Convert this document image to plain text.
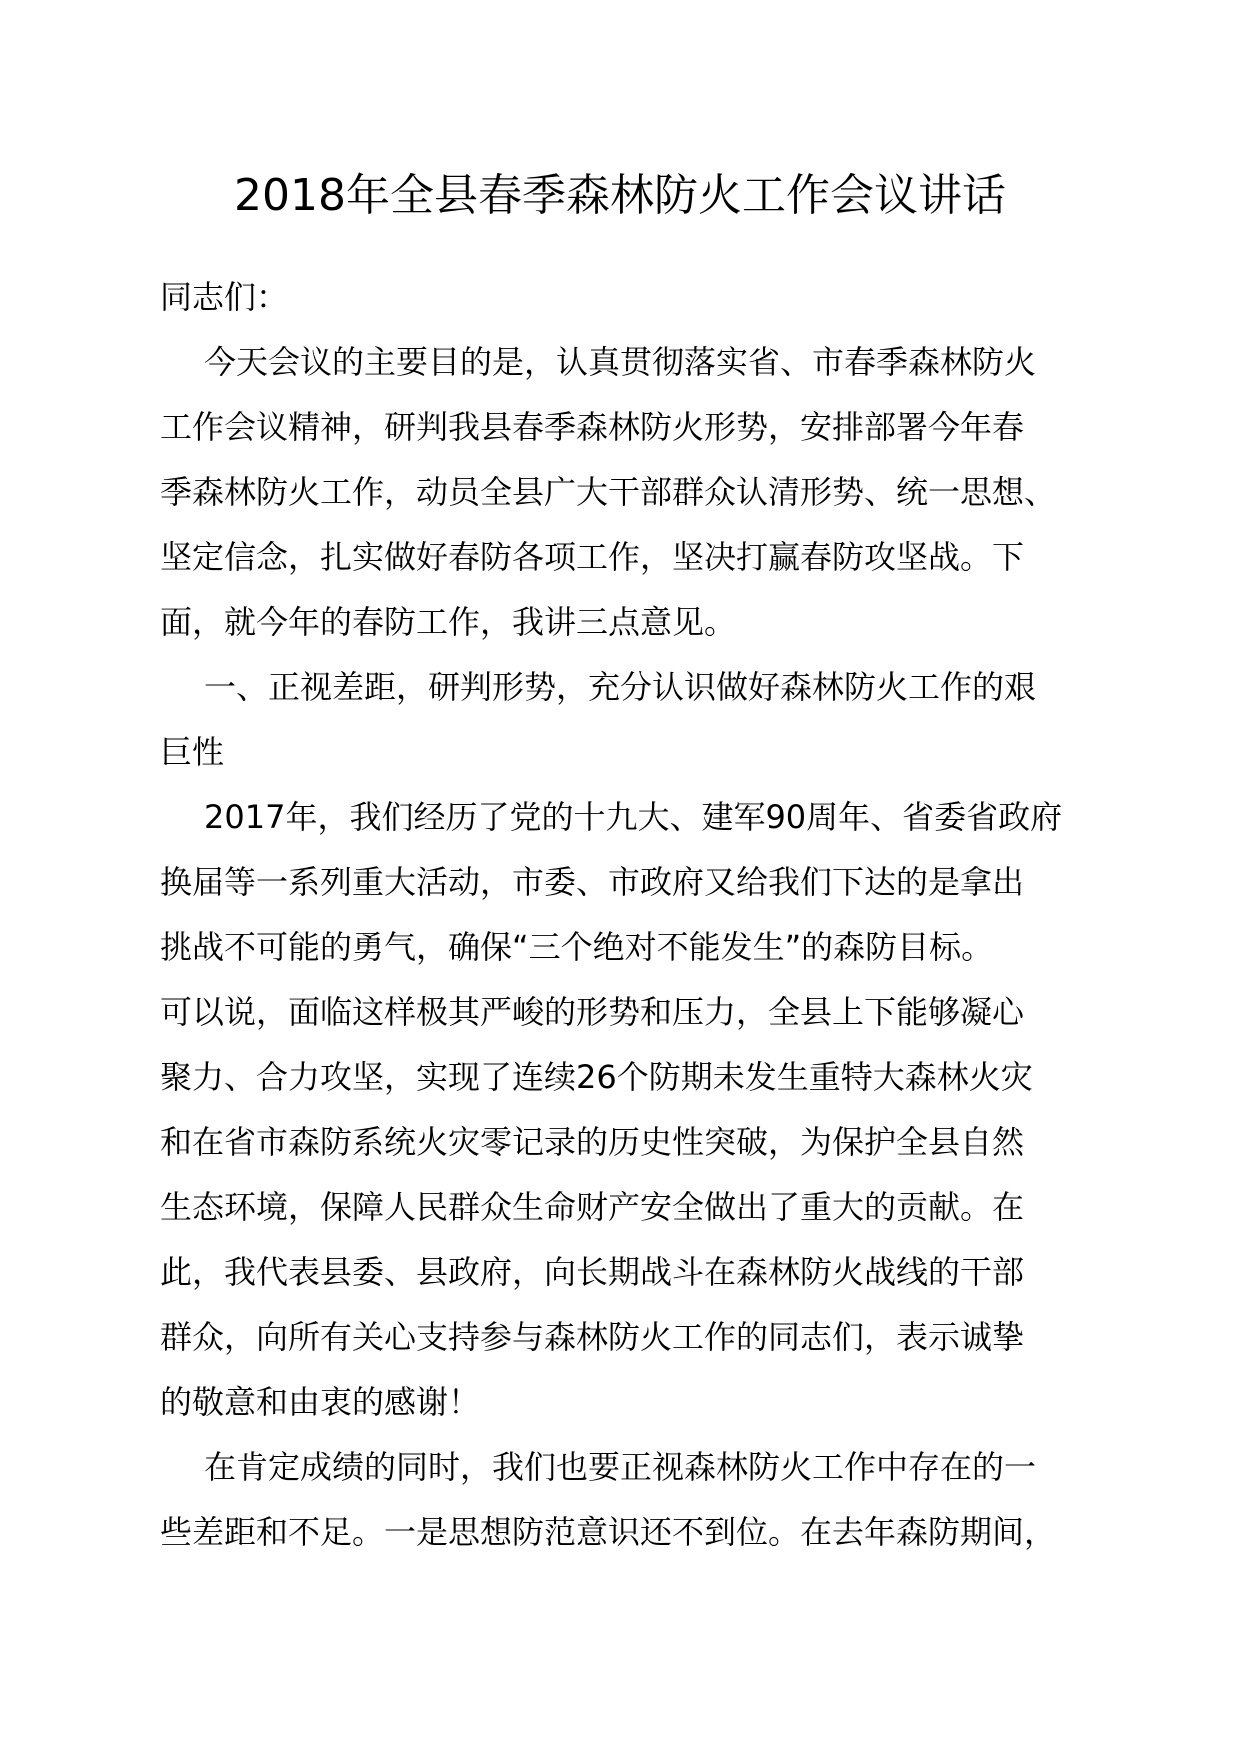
2018年全县春季森林防火工作会议讲话
同志们：
今天会议的主要目的是，认真贯彻落实省、市春季森林防火
工作会议精神，研判我县春季森林防火形势，安排部署今年春
季森林防火工作，动员全县广大干部群众认清形势、统一思想、
坚定信念，扎实做好春防各项工作，坚决打赢春防攻坚战。下
面，就今年的春防工作，我讲三点意见。
一、正视差距，研判形势，充分认识做好森林防火工作的艰
巨性
2017年，我们经历了党的十九大、建军90周年、省委省政府
换届等一系列重大活动，市委、市政府又给我们下达的是拿出
挑战不可能的勇气，确保“三个绝对不能发生”的森防目标。
可以说，面临这样极其严峻的形势和压力，全县上下能够凝心
聚力、合力攻坚，实现了连续26个防期未发生重特大森林火灾
和在省市森防系统火灾零记录的历史性突破，为保护全县自然
生态环境，保障人民群众生命财产安全做出了重大的贡献。在
此，我代表县委、县政府，向长期战斗在森林防火战线的干部
群众，向所有关心支持参与森林防火工作的同志们，表示诚挚
的敬意和由衷的感谢！
在肯定成绩的同时，我们也要正视森林防火工作中存在的一
些差距和不足。一是思想防范意识还不到位。在去年森防期间，
